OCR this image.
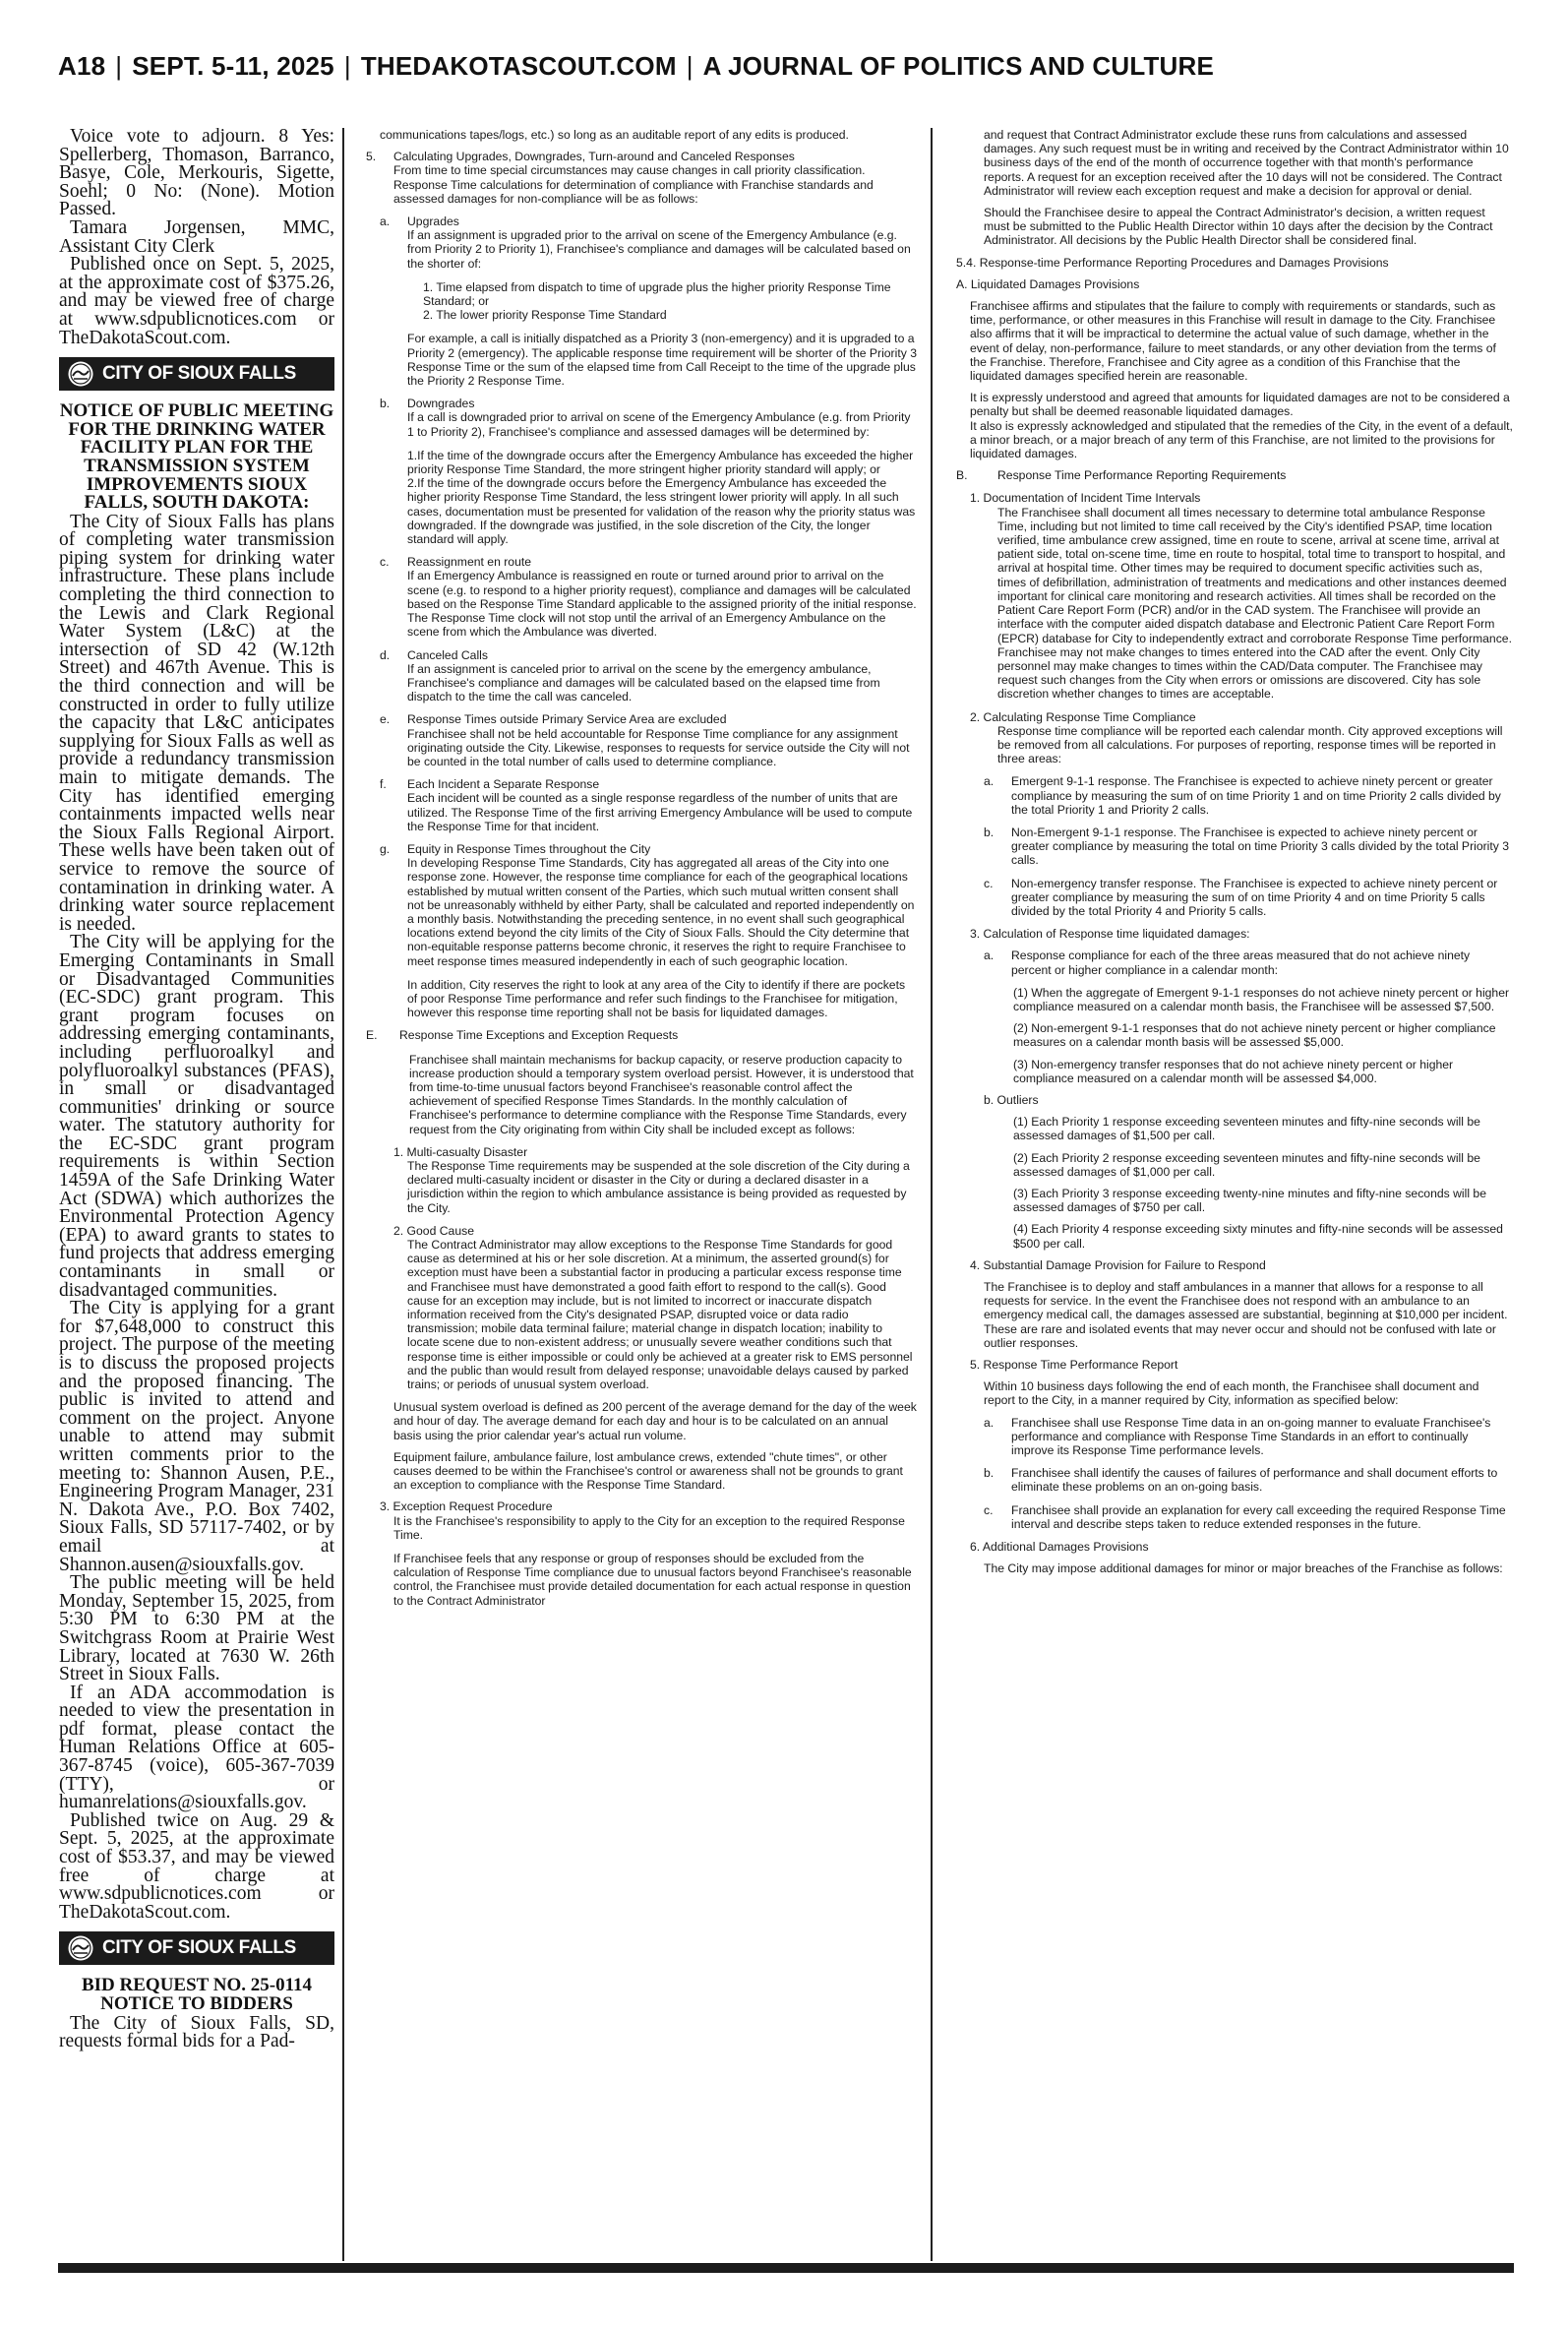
A18 | SEPT. 5-11, 2025 | THEDAKOTASCOUT.COM | A JOURNAL OF POLITICS AND CULTURE

Voice vote to adjourn. 8 Yes: Spellerberg, Thomason, Barranco, Basye, Cole, Merkouris, Sigette, Soehl; 0 No: (None). Motion Passed.

Tamara Jorgensen, MMC, Assistant City Clerk

Published once on Sept. 5, 2025, at the approximate cost of $375.26, and may be viewed free of charge at www.sdpublicnotices.com or TheDakotaScout.com.

CITY OF SIOUX FALLS
NOTICE OF PUBLIC MEETING FOR THE DRINKING WATER FACILITY PLAN FOR THE TRANSMISSION SYSTEM IMPROVEMENTS SIOUX FALLS, SOUTH DAKOTA:

The City of Sioux Falls has plans of completing water transmission piping system for drinking water infrastructure. These plans include completing the third connection to the Lewis and Clark Regional Water System (L&C) at the intersection of SD 42 (W.12th Street) and 467th Avenue. This is the third connection and will be constructed in order to fully utilize the capacity that L&C anticipates supplying for Sioux Falls as well as provide a redundancy transmission main to mitigate demands. The City has identified emerging containments impacted wells near the Sioux Falls Regional Airport. These wells have been taken out of service to remove the source of contamination in drinking water. A drinking water source replacement is needed.

The City will be applying for the Emerging Contaminants in Small or Disadvantaged Communities (EC-SDC) grant program. This grant program focuses on addressing emerging contaminants, including perfluoroalkyl and polyfluoroalkyl substances (PFAS), in small or disadvantaged communities' drinking or source water. The statutory authority for the EC-SDC grant program requirements is within Section 1459A of the Safe Drinking Water Act (SDWA) which authorizes the Environmental Protection Agency (EPA) to award grants to states to fund projects that address emerging contaminants in small or disadvantaged communities.

The City is applying for a grant for $7,648,000 to construct this project. The purpose of the meeting is to discuss the proposed projects and the proposed financing. The public is invited to attend and comment on the project. Anyone unable to attend may submit written comments prior to the meeting to: Shannon Ausen, P.E., Engineering Program Manager, 231 N. Dakota Ave., P.O. Box 7402, Sioux Falls, SD 57117-7402, or by email at Shannon.ausen@siouxfalls.gov.

The public meeting will be held Monday, September 15, 2025, from 5:30 PM to 6:30 PM at the Switchgrass Room at Prairie West Library, located at 7630 W. 26th Street in Sioux Falls.

If an ADA accommodation is needed to view the presentation in pdf format, please contact the Human Relations Office at 605-367-8745 (voice), 605-367-7039 (TTY), or humanrelations@siouxfalls.gov.

Published twice on Aug. 29 & Sept. 5, 2025, at the approximate cost of $53.37, and may be viewed free of charge at www.sdpublicnotices.com or TheDakotaScout.com.

CITY OF SIOUX FALLS
BID REQUEST NO. 25-0114 NOTICE TO BIDDERS

The City of Sioux Falls, SD, requests formal bids for a Pad-

communications tapes/logs, etc.) so long as an auditable report of any edits is produced.

5.	Calculating Upgrades, Downgrades, Turn-around and Canceled Responses
From time to time special circumstances may cause changes in call priority classification. Response Time calculations for determination of compliance with Franchise standards and assessed damages for non-compliance will be as follows:
a.	Upgrades
If an assignment is upgraded prior to the arrival on scene of the Emergency Ambulance (e.g. from Priority 2 to Priority 1), Franchisee's compliance and damages will be calculated based on the shorter of:
1. Time elapsed from dispatch to time of upgrade plus the higher priority Response Time Standard; or
2. The lower priority Response Time Standard
For example, a call is initially dispatched as a Priority 3 (non-emergency) and it is upgraded to a Priority 2 (emergency). The applicable response time requirement will be shorter of the Priority 3 Response Time or the sum of the elapsed time from Call Receipt to the time of the upgrade plus the Priority 2 Response Time.
b.	Downgrades
If a call is downgraded prior to arrival on scene of the Emergency Ambulance (e.g. from Priority 1 to Priority 2), Franchisee's compliance and assessed damages will be determined by:
1.If the time of the downgrade occurs after the Emergency Ambulance has exceeded the higher priority Response Time Standard, the more stringent higher priority standard will apply; or
2.If the time of the downgrade occurs before the Emergency Ambulance has exceeded the higher priority Response Time Standard, the less stringent lower priority will apply. In all such cases, documentation must be presented for validation of the reason why the priority status was downgraded. If the downgrade was justified, in the sole discretion of the City, the longer standard will apply.
c.	Reassignment en route
If an Emergency Ambulance is reassigned en route or turned around prior to arrival on the scene (e.g. to respond to a higher priority request), compliance and damages will be calculated based on the Response Time Standard applicable to the assigned priority of the initial response. The Response Time clock will not stop until the arrival of an Emergency Ambulance on the scene from which the Ambulance was diverted.
d.	Canceled Calls
If an assignment is canceled prior to arrival on the scene by the emergency ambulance, Franchisee's compliance and damages will be calculated based on the elapsed time from dispatch to the time the call was canceled.
e.	Response Times outside Primary Service Area are excluded
Franchisee shall not be held accountable for Response Time compliance for any assignment originating outside the City. Likewise, responses to requests for service outside the City will not be counted in the total number of calls used to determine compliance.
f.	Each Incident a Separate Response
Each incident will be counted as a single response regardless of the number of units that are utilized. The Response Time of the first arriving Emergency Ambulance will be used to compute the Response Time for that incident.
g.	Equity in Response Times throughout the City
In developing Response Time Standards, City has aggregated all areas of the City into one response zone. However, the response time compliance for each of the geographical locations established by mutual written consent of the Parties, which such mutual written consent shall not be unreasonably withheld by either Party, shall be calculated and reported independently on a monthly basis. Notwithstanding the preceding sentence, in no event shall such geographical locations extend beyond the city limits of the City of Sioux Falls. Should the City determine that non-equitable response patterns become chronic, it reserves the right to require Franchisee to meet response times measured independently in each of such geographic location.
In addition, City reserves the right to look at any area of the City to identify if there are pockets of poor Response Time performance and refer such findings to the Franchisee for mitigation, however this response time reporting shall not be basis for liquidated damages.
E.	Response Time Exceptions and Exception Requests
Franchisee shall maintain mechanisms for backup capacity, or reserve production capacity to increase production should a temporary system overload persist. However, it is understood that from time-to-time unusual factors beyond Franchisee's reasonable control affect the achievement of specified Response Times Standards. In the monthly calculation of Franchisee's performance to determine compliance with the Response Time Standards, every request from the City originating from within City shall be included except as follows:
1. Multi-casualty Disaster
The Response Time requirements may be suspended at the sole discretion of the City during a declared multi-casualty incident or disaster in the City or during a declared disaster in a jurisdiction within the region to which ambulance assistance is being provided as requested by the City.
2. Good Cause
The Contract Administrator may allow exceptions to the Response Time Standards for good cause as determined at his or her sole discretion. At a minimum, the asserted ground(s) for exception must have been a substantial factor in producing a particular excess response time and Franchisee must have demonstrated a good faith effort to respond to the call(s). Good cause for an exception may include, but is not limited to incorrect or inaccurate dispatch information received from the City's designated PSAP, disrupted voice or data radio transmission; mobile data terminal failure; material change in dispatch location; inability to locate scene due to non-existent address; or unusually severe weather conditions such that response time is either impossible or could only be achieved at a greater risk to EMS personnel and the public than would result from delayed response; unavoidable delays caused by parked trains; or periods of unusual system overload.

Unusual system overload is defined as 200 percent of the average demand for the day of the week and hour of day. The average demand for each day and hour is to be calculated on an annual basis using the prior calendar year's actual run volume.

Equipment failure, ambulance failure, lost ambulance crews, extended "chute times", or other causes deemed to be within the Franchisee's control or awareness shall not be grounds to grant an exception to compliance with the Response Time Standard.

3. Exception Request Procedure
It is the Franchisee's responsibility to apply to the City for an exception to the required Response Time.
If Franchisee feels that any response or group of responses should be excluded from the calculation of Response Time compliance due to unusual factors beyond Franchisee's reasonable control, the Franchisee must provide detailed documentation for each actual response in question to the Contract Administrator

and request that Contract Administrator exclude these runs from calculations and assessed damages. Any such request must be in writing and received by the Contract Administrator within 10 business days of the end of the month of occurrence together with that month's performance reports. A request for an exception received after the 10 days will not be considered. The Contract Administrator will review each exception request and make a decision for approval or denial.

Should the Franchisee desire to appeal the Contract Administrator's decision, a written request must be submitted to the Public Health Director within 10 days after the decision by the Contract Administrator. All decisions by the Public Health Director shall be considered final.

5.4. Response-time Performance Reporting Procedures and Damages Provisions

A. Liquidated Damages Provisions

Franchisee affirms and stipulates that the failure to comply with requirements or standards, such as time, performance, or other measures in this Franchise will result in damage to the City. Franchisee also affirms that it will be impractical to determine the actual value of such damage, whether in the event of delay, non-performance, failure to meet standards, or any other deviation from the terms of the Franchise. Therefore, Franchisee and City agree as a condition of this Franchise that the liquidated damages specified herein are reasonable.

It is expressly understood and agreed that amounts for liquidated damages are not to be considered a penalty but shall be deemed reasonable liquidated damages.

It also is expressly acknowledged and stipulated that the remedies of the City, in the event of a default, a minor breach, or a major breach of any term of this Franchise, are not limited to the provisions for liquidated damages.

B.	Response Time Performance Reporting Requirements
1. Documentation of Incident Time Intervals
The Franchisee shall document all times necessary to determine total ambulance Response Time, including but not limited to time call received by the City's identified PSAP, time location verified, time ambulance crew assigned, time en route to scene, arrival at scene time, arrival at patient side, total on-scene time, time en route to hospital, total time to transport to hospital, and arrival at hospital time. Other times may be required to document specific activities such as, times of defibrillation, administration of treatments and medications and other instances deemed important for clinical care monitoring and research activities. All times shall be recorded on the Patient Care Report Form (PCR) and/or in the CAD system. The Franchisee will provide an interface with the computer aided dispatch database and Electronic Patient Care Report Form (EPCR) database for City to independently extract and corroborate Response Time performance. Franchisee may not make changes to times entered into the CAD after the event. Only City personnel may make changes to times within the CAD/Data computer. The Franchisee may request such changes from the City when errors or omissions are discovered. City has sole discretion whether changes to times are acceptable.
2. Calculating Response Time Compliance
Response time compliance will be reported each calendar month. City approved exceptions will be removed from all calculations. For purposes of reporting, response times will be reported in three areas:
a.	Emergent 9-1-1 response. The Franchisee is expected to achieve ninety percent or greater compliance by measuring the sum of on time Priority 1 and on time Priority 2 calls divided by the total Priority 1 and Priority 2 calls.
b.	Non-Emergent 9-1-1 response. The Franchisee is expected to achieve ninety percent or greater compliance by measuring the total on time Priority 3 calls divided by the total Priority 3 calls.
c.	Non-emergency transfer response. The Franchisee is expected to achieve ninety percent or greater compliance by measuring the sum of on time Priority 4 and on time Priority 5 calls divided by the total Priority 4 and Priority 5 calls.

3. Calculation of Response time liquidated damages:

a.	Response compliance for each of the three areas measured that do not achieve ninety percent or higher compliance in a calendar month:

(1) When the aggregate of Emergent 9-1-1 responses do not achieve ninety percent or higher compliance measured on a calendar month basis, the Franchisee will be assessed $7,500.

(2) Non-emergent 9-1-1 responses that do not achieve ninety percent or higher compliance measures on a calendar month basis will be assessed $5,000.

(3) Non-emergency transfer responses that do not achieve ninety percent or higher compliance measured on a calendar month will be assessed $4,000.

b. Outliers

(1) Each Priority 1 response exceeding seventeen minutes and fifty-nine seconds will be assessed damages of $1,500 per call.

(2) Each Priority 2 response exceeding seventeen minutes and fifty-nine seconds will be assessed damages of $1,000 per call.

(3) Each Priority 3 response exceeding twenty-nine minutes and fifty-nine seconds will be assessed damages of $750 per call.

(4) Each Priority 4 response exceeding sixty minutes and fifty-nine seconds will be assessed $500 per call.

4. Substantial Damage Provision for Failure to Respond

The Franchisee is to deploy and staff ambulances in a manner that allows for a response to all requests for service. In the event the Franchisee does not respond with an ambulance to an emergency medical call, the damages assessed are substantial, beginning at $10,000 per incident. These are rare and isolated events that may never occur and should not be confused with late or outlier responses.

5. Response Time Performance Report

Within 10 business days following the end of each month, the Franchisee shall document and report to the City, in a manner required by City, information as specified below:

a.	Franchisee shall use Response Time data in an on-going manner to evaluate Franchisee's performance and compliance with Response Time Standards in an effort to continually improve its Response Time performance levels.
b.	Franchisee shall identify the causes of failures of performance and shall document efforts to eliminate these problems on an on-going basis.
c.	Franchisee shall provide an explanation for every call exceeding the required Response Time interval and describe steps taken to reduce extended responses in the future.

6. Additional Damages Provisions

The City may impose additional damages for minor or major breaches of the Franchise as follows:
